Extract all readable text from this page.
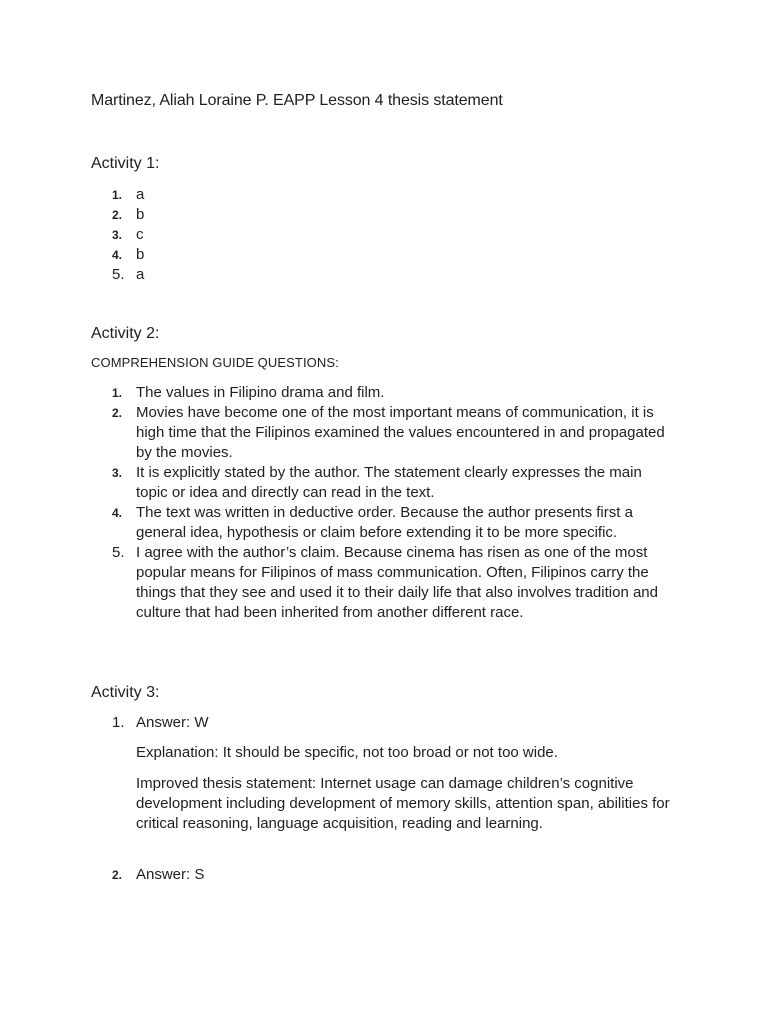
Martinez, Aliah Loraine P. EAPP Lesson 4 thesis statement
Activity 1:
1. a
2. b
3. c
4. b
5. a
Activity 2:
COMPREHENSION GUIDE QUESTIONS:
1. The values in Filipino drama and film.
2. Movies have become one of the most important means of communication, it is high time that the Filipinos examined the values encountered in and propagated by the movies.
3. It is explicitly stated by the author. The statement clearly expresses the main topic or idea and directly can read in the text.
4. The text was written in deductive order. Because the author presents first a general idea, hypothesis or claim before extending it to be more specific.
5. I agree with the author’s claim. Because cinema has risen as one of the most popular means for Filipinos of mass communication. Often, Filipinos carry the things that they see and used it to their daily life that also involves tradition and culture that had been inherited from another different race.
Activity 3:
1. Answer: W
Explanation: It should be specific, not too broad or not too wide.
Improved thesis statement: Internet usage can damage children’s cognitive development including development of memory skills, attention span, abilities for critical reasoning, language acquisition, reading and learning.
2. Answer: S
